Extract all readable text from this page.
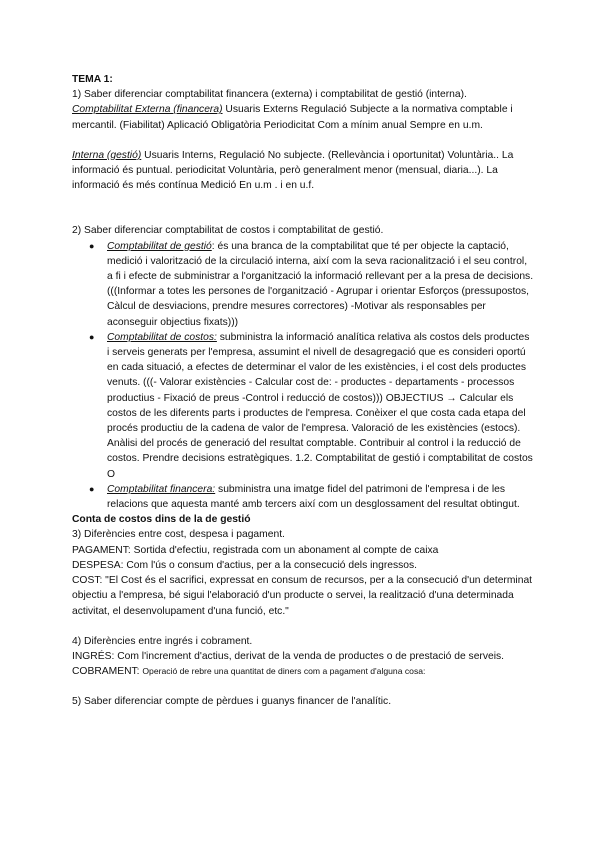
TEMA 1:

1) Saber diferenciar comptabilitat financera (externa) i comptabilitat de gestió (interna).

Comptabilitat Externa (financera) Usuaris Externs Regulació Subjecte a la normativa comptable i mercantil. (Fiabilitat) Aplicació Obligatòria Periodicitat Com a mínim anual Sempre en u.m.

Interna (gestió) Usuaris Interns, Regulació No subjecte. (Rellevància i oportunitat) Voluntària.. La informació és puntual. periodicitat Voluntària, però generalment menor (mensual, diaria...). La informació és més contínua Medició En u.m . i en u.f.

2) Saber diferenciar comptabilitat de costos i comptabilitat de gestió.

● Comptabilitat de gestió: és una branca de la comptabilitat que té per objecte la captació, medició i valorització de la circulació interna, així com la seva racionalització i el seu control, a fi i efecte de subministrar a l'organització la informació rellevant per a la presa de decisions. (((Informar a totes les persones de l'organització - Agrupar i orientar Esforços (pressupostos, Càlcul de desviacions, prendre mesures correctores) -Motivar als responsables per aconseguir objectius fixats)))
● Comptabilitat de costos: subministra la informació analítica relativa als costos dels productes i serveis generats per l'empresa, assumint el nivell de desagregació que es consideri oportú en cada situació, a efectes de determinar el valor de les existències, i el cost dels productes venuts. (((- Valorar existències - Calcular cost de: - productes - departaments - processos productius - Fixació de preus -Control i reducció de costos))) OBJECTIUS → Calcular els costos de les diferents parts i productes de l'empresa. Conèixer el que costa cada etapa del procés productiu de la cadena de valor de l'empresa. Valoració de les existències (estocs). Anàlisi del procés de generació del resultat comptable. Contribuir al control i la reducció de costos. Prendre decisions estratègiques. 1.2. Comptabilitat de gestió i comptabilitat de costos O
● Comptabilitat financera: subministra una imatge fidel del patrimoni de l'empresa i de les relacions que aquesta manté amb tercers així com un desglossament del resultat obtingut.

Conta de costos dins de la de gestió

3) Diferències entre cost, despesa i pagament.

PAGAMENT: Sortida d'efectiu, registrada com un abonament al compte de caixa

DESPESA: Com l'ús o consum d'actius, per a la consecució dels ingressos.

COST: "El Cost és el sacrifici, expressat en consum de recursos, per a la consecució d'un determinat objectiu a l'empresa, bé sigui l'elaboració d'un producte o servei, la realització d'una determinada activitat, el desenvolupament d'una funció, etc."

4) Diferències entre ingrés i cobrament.

INGRÉS: Com l'increment d'actius, derivat de la venda de productes o de prestació de serveis.

COBRAMENT: Operació de rebre una quantitat de diners com a pagament d'alguna cosa:

5) Saber diferenciar compte de pèrdues i guanys financer de l'analític.
